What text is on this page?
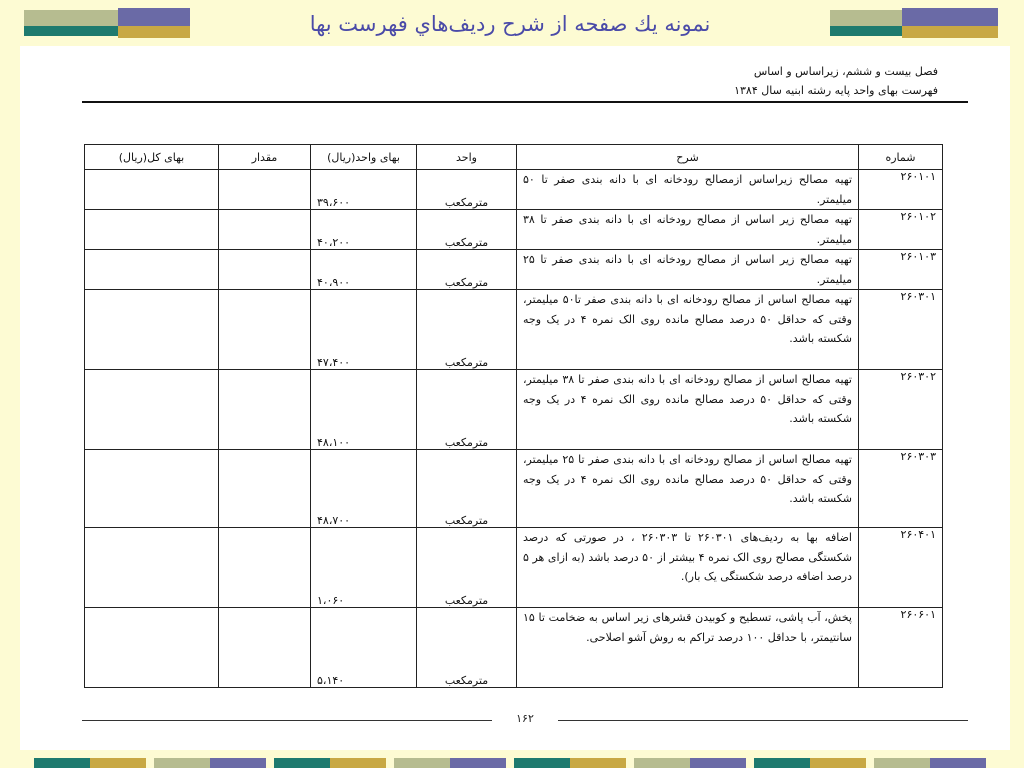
نمونه يك صفحه از شرح رديف‌هاي فهرست بها
فصل بیست و ششم، زیراساس و اساس
فهرست بهای واحد پایه رشته ابنیه سال ۱۳۸۴
شماره	شرح	واحد	بهای واحد(ریال)	مقدار	بهای کل(ریال)
۲۶۰۱۰۱	تهیه مصالح زیراساس ازمصالح رودخانه ای با دانه بندی صفر تا ۵۰ میلیمتر.	مترمکعب	۳۹،۶۰۰		
۲۶۰۱۰۲	تهیه مصالح زیر اساس از مصالح رودخانه ای با دانه بندی صفر تا ۳۸ میلیمتر.	مترمکعب	۴۰،۲۰۰		
۲۶۰۱۰۳	تهیه مصالح زیر اساس از مصالح رودخانه ای با دانه بندی صفر تا ۲۵ میلیمتر.	مترمکعب	۴۰،۹۰۰		
۲۶۰۳۰۱	تهیه مصالح اساس از مصالح رودخانه ای با دانه بندی صفر تا۵۰ میلیمتر، وقتی که حداقل ۵۰ درصد مصالح مانده روی الک نمره ۴ در یک وجه شکسته باشد.	مترمکعب	۴۷،۴۰۰		
۲۶۰۳۰۲	تهیه مصالح اساس از مصالح رودخانه ای با دانه بندی صفر تا ۳۸ میلیمتر، وقتی که حداقل ۵۰ درصد مصالح مانده روی الک نمره ۴ در یک وجه شکسته باشد.	مترمکعب	۴۸،۱۰۰		
۲۶۰۳۰۳	تهیه مصالح اساس از مصالح رودخانه ای با دانه بندی صفر تا ۲۵ میلیمتر، وقتی که حداقل ۵۰ درصد مصالح مانده روی الک نمره ۴ در یک وجه شکسته باشد.	مترمکعب	۴۸،۷۰۰		
۲۶۰۴۰۱	اضافه بها به ردیف‌های ۲۶۰۳۰۱ تا ۲۶۰۳۰۳ ، در صورتی که درصد شکستگی مصالح روی الک نمره ۴ بیشتر از ۵۰ درصد باشد (به ازای هر ۵ درصد اضافه درصد شکستگی یک بار).	مترمکعب	۱،۰۶۰		
۲۶۰۶۰۱	پخش، آب پاشی، تسطیح و کوبیدن قشرهای زیر اساس به ضخامت تا ۱۵ سانتیمتر، با حداقل ۱۰۰ درصد تراکم به روش آشو اصلاحی.	مترمکعب	۵،۱۴۰		
۱۶۲
